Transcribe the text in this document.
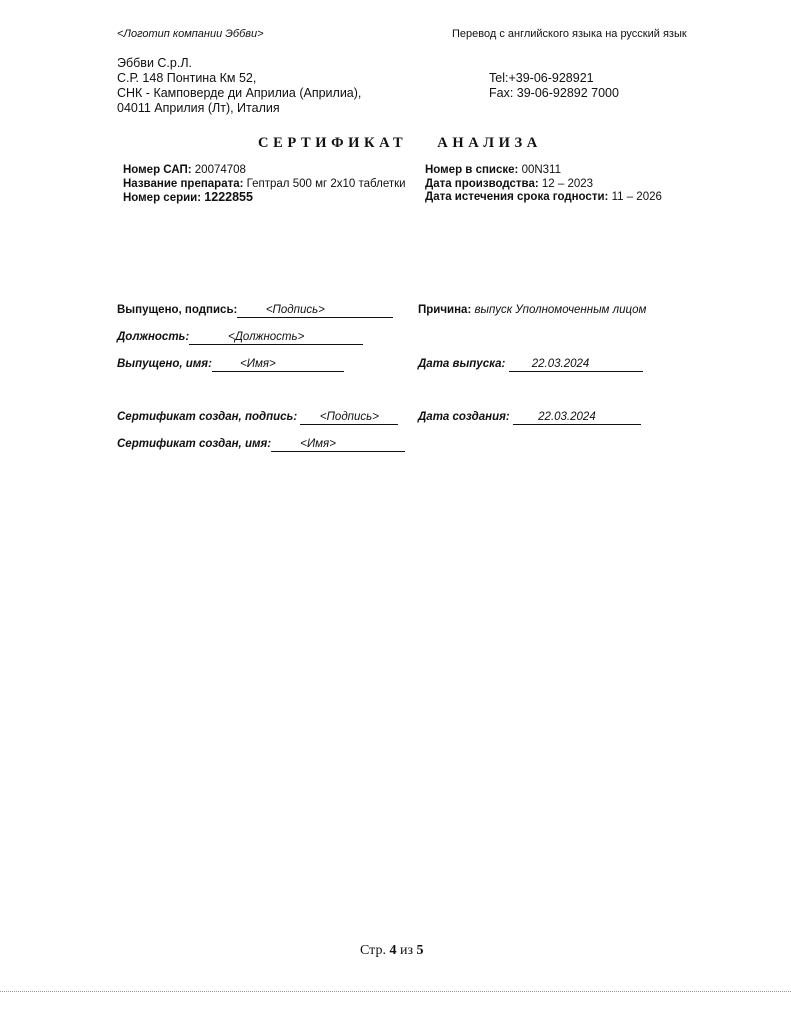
<Логотип компании Эббви>	Перевод с английского языка на русский язык
Эббви С.р.Л.
С.Р. 148 Понтина Км 52,
СНК - Камповерде ди Априлиа (Априлиа),
04011 Априлия (Лт), Италия
Tel:+39-06-928921
Fax: 39-06-92892 7000
СЕРТИФИКАТ АНАЛИЗА
Номер САП: 20074708
Название препарата: Гептрал 500 мг 2х10 таблетки
Номер серии: 1222855
Номер в списке: 00N311
Дата производства: 12 – 2023
Дата истечения срока годности: 11 – 2026
Выпущено, подпись: <Подпись>	Причина: выпуск Уполномоченным лицом
Должность:	<Должность>
Выпущено, имя: <Имя>	Дата выпуска: 22.03.2024
Сертификат создан, подпись: <Подпись>	Дата создания: 22.03.2024
Сертификат создан, имя:	<Имя>
Стр. 4 из 5
